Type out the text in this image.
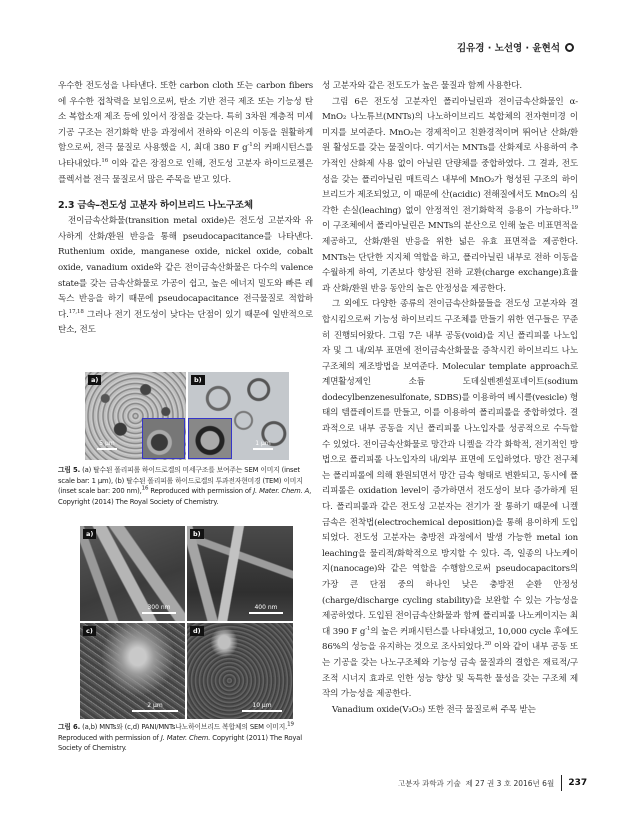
김유경 · 노선영 · 윤현석

우수한 전도성을 나타낸다. 또한 carbon cloth 또는 carbon fibers에 우수한 접착력을 보임으로써, 탄소 기반 전극 제조 또는 기능성 탄소 복합소재 제조 등에 있어서 장점을 갖는다. 특히 3차원 계층적 미세기공 구조는 전기화학 반응 과정에서 전하와 이온의 이동을 원활하게 함으로써, 전극 물질로 사용했을 시, 최대 380 F $g^{-1}$의 커패시턴스를 나타내었다.$^{16}$ 이와 같은 장점으로 인해, 전도성 고분자 하이드로젤은 플렉서블 전극 물질로서 많은 주목을 받고 있다.

2.3 금속–전도성 고분자 하이브리드 나노구조체

전이금속산화물(transition metal oxide)은 전도성 고분자와 유사하게 산화/환원 반응을 통해 pseudocapacitance를 나타낸다. Ruthenium oxide, manganese oxide, nickel oxide, cobalt oxide, vanadium oxide와 같은 전이금속산화물은 다수의 valence state를 갖는 금속산화물로 가공이 쉽고, 높은 에너지 밀도와 빠른 레독스 반응을 하기 때문에 pseudocapacitance 전극물질로 적합하다.$^{17,18}$ 그러나 전기 전도성이 낮다는 단점이 있기 때문에 일반적으로 탄소, 전도

a)
5 μm
b)
1 μm
그림 5. (a) 탈수된 폴리피롤 하이드로겔의 미세구조를 보여주는 SEM 이미지 (inset scale bar: 1 μm), (b) 탈수된 폴리피롤 하이드로겔의 투과전자현미경 (TEM) 이미지(inset scale bar: 200 nm),$^{16}$ Reproduced with permission of J. Mater. Chem. A, Copyright (2014) The Royal Society of Chemistry.
a)
300 nm
b)
400 nm
c)
2 μm
d)
10 μm
그림 6. (a,b) MNTs와 (c,d) PANI/MNTs나노하이브리드 복합체의 SEM 이미지.$^{19}$ Reproduced with permission of J. Mater. Chem. Copyright (2011) The Royal Society of Chemistry.

성 고분자와 같은 전도도가 높은 물질과 함께 사용한다.

그림 6은 전도성 고분자인 폴리아닐린과 전이금속산화물인 α-MnO₂ 나노튜브(MNTs)의 나노하이브리드 복합체의 전자현미경 이미지를 보여준다. MnO₂는 경제적이고 친환경적이며 뛰어난 산화/환원 활성도를 갖는 물질이다. 여기서는 MNTs를 산화제로 사용하여 추가적인 산화제 사용 없이 아닐린 단량체를 중합하였다. 그 결과, 전도성을 갖는 폴리아닐린 매트릭스 내부에 MnO₂가 형성된 구조의 하이브리드가 제조되었고, 이 때문에 산(acidic) 전해질에서도 MnO₂의 심각한 손실(leaching) 없이 안정적인 전기화학적 응용이 가능하다.$^{19}$ 이 구조체에서 폴리아닐린은 MNTs의 분산으로 인해 높은 비표면적을 제공하고, 산화/환원 반응을 위한 넓은 유효 표면적을 제공한다. MNTs는 단단한 지지체 역할을 하고, 폴리아닐린 내부로 전하 이동을 수월하게 하여, 기존보다 향상된 전하 교환(charge exchange)효율과 산화/환원 반응 동안의 높은 안정성을 제공한다.

그 외에도 다양한 종류의 전이금속산화물들을 전도성 고분자와 결합시킴으로써 기능성 하이브리드 구조체를 만들기 위한 연구들은 꾸준히 진행되어왔다. 그림 7은 내부 공동(void)을 지닌 폴리피롤 나노입자 및 그 내/외부 표면에 전이금속산화물을 증착시킨 하이브리드 나노구조체의 제조방법을 보여준다. Molecular template approach로 계면활성제인 소듐 도데실벤젠설포네이트(sodium dodecylbenzenesulfonate, SDBS)를 이용하여 베시클(vesicle) 형태의 템플레이트를 만들고, 이를 이용하여 폴리피롤을 중합하였다. 결과적으로 내부 공동을 지닌 폴리피롤 나노입자를 성공적으로 수득할 수 있었다. 전이금속산화물로 망간과 니켈을 각각 화학적, 전기적인 방법으로 폴리피롤 나노입자의 내/외부 표면에 도입하였다. 망간 전구체는 폴리피롤에 의해 환원되면서 망간 금속 형태로 변환되고, 동시에 폴리피롤은 oxidation level이 증가하면서 전도성이 보다 증가하게 된다. 폴리피롤과 같은 전도성 고분자는 전기가 잘 통하기 때문에 니켈 금속은 전착법(electrochemical deposition)을 통해 용이하게 도입되었다. 전도성 고분자는 충방전 과정에서 발생 가능한 metal ion leaching을 물리적/화학적으로 방지할 수 있다. 즉, 일종의 나노케이지(nanocage)와 같은 역할을 수행함으로써 pseudocapacitors의 가장 큰 단점 중의 하나인 낮은 충방전 순환 안정성(charge/discharge cycling stability)을 보완할 수 있는 가능성을 제공하였다. 도입된 전이금속산화물과 함께 폴리피롤 나노케이지는 최대 390 F $g^{-1}$의 높은 커패시턴스를 나타내었고, 10,000 cycle 후에도 86%의 성능을 유지하는 것으로 조사되었다.$^{20}$ 이와 같이 내부 공동 또는 기공을 갖는 나노구조체와 기능성 금속 물질과의 결합은 재료적/구조적 시너지 효과로 인한 성능 향상 및 독특한 물성을 갖는 구조체 제작의 가능성을 제공한다.

Vanadium oxide(V₂O₅) 또한 전극 물질로써 주목 받는

고분자 과학과 기술  제 27 권 3 호 2016년 6월 237
